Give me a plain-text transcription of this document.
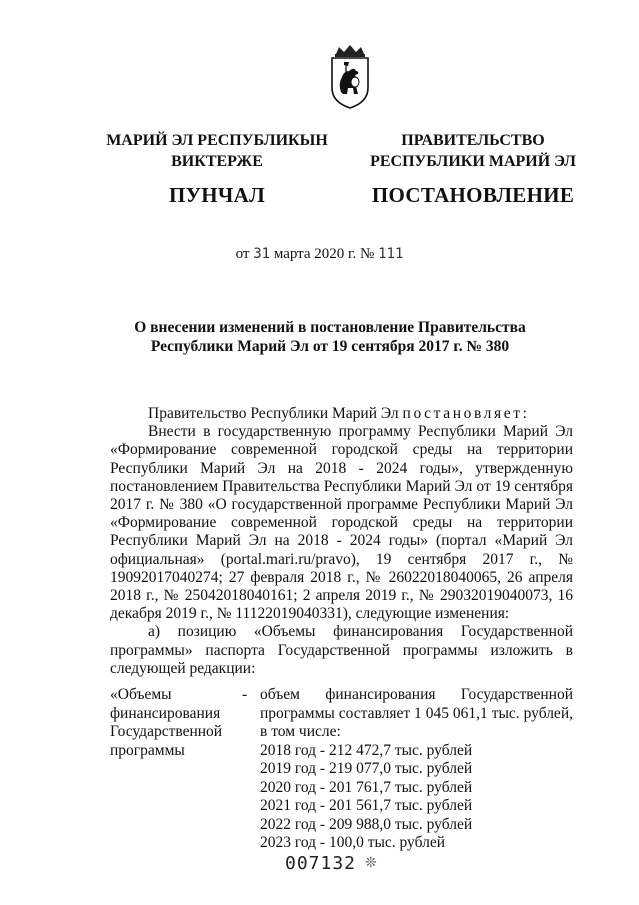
МАРИЙ ЭЛ РЕСПУБЛИКЫН
ВИКТЕРЖЕ
ПУНЧАЛ
ПРАВИТЕЛЬСТВО
РЕСПУБЛИКИ МАРИЙ ЭЛ
ПОСТАНОВЛЕНИЕ
от 31 марта 2020 г. № 111
О внесении изменений в постановление Правительства
Республики Марий Эл от 19 сентября 2017 г. № 380

Правительство Республики Марий Эл постановляет:

Внести в государственную программу Республики Марий Эл «Формирование современной городской среды на территории Республики Марий Эл на 2018 - 2024 годы», утвержденную постановлением Правительства Республики Марий Эл от 19 сентября 2017 г. № 380 «О государственной программе Республики Марий Эл «Формирование современной городской среды на территории Республики Марий Эл на 2018 - 2024 годы» (портал «Марий Эл официальная» (portal.mari.ru/pravo), 19 сентября 2017 г., № 19092017040274; 27 февраля 2018 г., № 26022018040065, 26 апреля 2018 г., № 25042018040161; 2 апреля 2019 г., № 29032019040073, 16 декабря 2019 г., № 11122019040331), следующие изменения:

а) позицию «Объемы финансирования Государственной программы» паспорта Государственной программы изложить в следующей редакции:

«Объемы
финансирования
Государственной
программы
- объем финансирования Государственной программы составляет 1 045 061,1 тыс. рублей, в том числе:
2018 год - 212 472,7 тыс. рублей
2019 год - 219 077,0 тыс. рублей
2020 год - 201 761,7 тыс. рублей
2021 год - 201 561,7 тыс. рублей
2022 год - 209 988,0 тыс. рублей
2023 год - 100,0 тыс. рублей
007132 ❊
